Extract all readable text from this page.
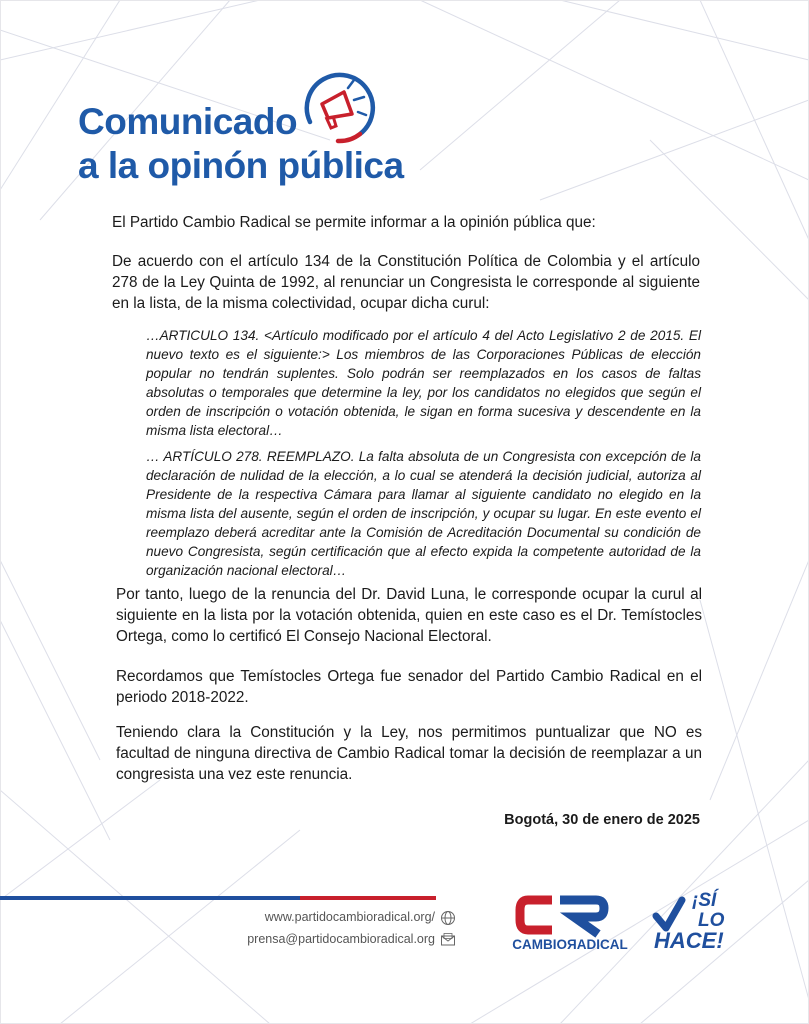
Comunicado
a la opinón pública

El Partido Cambio Radical se permite informar a la opinión pública que:

De acuerdo con el artículo 134 de la Constitución Política de Colombia y el artículo 278 de la Ley Quinta de 1992, al renunciar un Congresista le corresponde al siguiente en la lista, de la misma colectividad, ocupar dicha curul:

…ARTICULO 134. <Artículo modificado por el artículo 4 del Acto Legislativo 2 de 2015. El nuevo texto es el siguiente:> Los miembros de las Corporaciones Públicas de elección popular no tendrán suplentes. Solo podrán ser reemplazados en los casos de faltas absolutas o temporales que determine la ley, por los candidatos no elegidos que según el orden de inscripción o votación obtenida, le sigan en forma sucesiva y descendente en la misma lista electoral…
… ARTÍCULO 278. REEMPLAZO. La falta absoluta de un Congresista con excepción de la declaración de nulidad de la elección, a lo cual se atenderá la decisión judicial, autoriza al Presidente de la respectiva Cámara para llamar al siguiente candidato no elegido en la misma lista del ausente, según el orden de inscripción, y ocupar su lugar. En este evento el reemplazo deberá acreditar ante la Comisión de Acreditación Documental su condición de nuevo Congresista, según certificación que al efecto expida la competente autoridad de la organización nacional electoral…
Por tanto, luego de la renuncia del Dr. David Luna, le corresponde ocupar la curul al siguiente en la lista por la votación obtenida, quien en este caso es el Dr. Temístocles Ortega, como lo certificó El Consejo Nacional Electoral.
Recordamos que Temístocles Ortega fue senador del Partido Cambio Radical en el periodo 2018-2022.
Teniendo clara la Constitución y la Ley, nos permitimos puntualizar que NO es facultad de ninguna directiva de Cambio Radical tomar la decisión de reemplazar a un congresista una vez este renuncia.
Bogotá, 30 de enero de 2025
www.partidocambioradical.org/
prensa@partidocambioradical.org	CAMBIOЯADICAL
¡SÍ
LO
HACE!
